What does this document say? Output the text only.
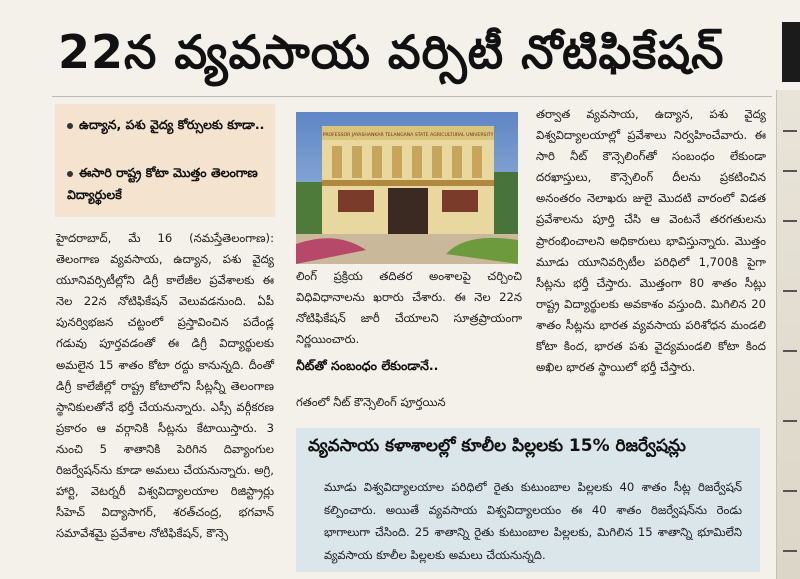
22న వ్యవసాయ వర్సిటీ నోటిఫికేషన్
ఉద్యాన, పశు వైద్య కోర్సులకు కూడా..
ఈసారి రాష్ట్ర కోటా మొత్తం తెలంగాణ విద్యార్థులకే

హైదరాబాద్, మే 16 (నమస్తేతెలంగాణ): తెలంగాణ వ్యవసాయ, ఉద్యాన, పశు వైద్య యూనివర్సిటీల్లోని డిగ్రీ కాలేజీల ప్రవేశాలకు ఈ నెల 22న నోటిఫికేషన్ వెలువడనుంది. ఏపీ పునర్విభజన చట్టంలో ప్రస్తావించిన పదేండ్ల గడువు పూర్తవడంతో ఈ డిగ్రీ విద్యార్థులకు అమలైన 15 శాతం కోటా రద్దు కానున్నది. దీంతో డిగ్రీ కాలేజీల్లో రాష్ట్ర కోటాలోని సీట్లన్నీ తెలంగాణ స్థానికులతోనే భర్తీ చేయనున్నారు. ఎస్సీ వర్గీకరణ ప్రకారం ఆ వర్గానికి సీట్లను కేటాయిస్తారు. 3 నుంచి 5 శాతానికి పెరిగిన దివ్యాంగుల రిజర్వేషన్‌ను కూడా అమలు చేయనున్నారు. అగ్రి, హార్టి, వెటర్నరీ విశ్వవిద్యాలయాల రిజిస్ట్రార్లు సీహెచ్ విద్యాసాగర్, శరత్‌చంద్ర, భగవాన్ సమావేశమై ప్రవేశాల నోటిఫికేషన్, కౌన్సె

PROFESSOR JAYASHANKAR TELANGANA STATE AGRICULTURAL UNIVERSITY

లింగ్ ప్రక్రియ తదితర అంశాలపై చర్చించి విధివిధానాలను ఖరారు చేశారు. ఈ నెల 22న నోటిఫికేషన్ జారీ చేయాలని సూత్రప్రాయంగా నిర్ణయించారు.

నీట్‌తో సంబంధం లేకుండానే..

గతంలో నీట్ కౌన్సెలింగ్ పూర్తయిన

తర్వాత వ్యవసాయ, ఉద్యాన, పశు వైద్య విశ్వవిద్యాలయాల్లో ప్రవేశాలు నిర్వహించేవారు. ఈ సారి నీట్ కౌన్సెలింగ్‌తో సంబంధం లేకుండా దరఖాస్తులు, కౌన్సెలింగ్ దీలను ప్రకటించిన అనంతరం నెలాఖరు జులై మొదటి వారంలో విడత ప్రవేశాలను పూర్తి చేసి ఆ వెంటనే తరగతులను ప్రారంభించాలని అధికారులు భావిస్తున్నారు. మొత్తం మూడు యూనివర్సిటీల పరిధిలో 1,700కి పైగా సీట్లను భర్తీ చేస్తారు. మొత్తంగా 80 శాతం సీట్లు రాష్ట్ర విద్యార్థులకు అవకాశం వస్తుంది. మిగిలిన 20 శాతం సీట్లను భారత వ్యవసాయ పరిశోధన మండలి కోటా కింద, భారత పశు వైద్యమండలి కోటా కింద అఖిల భారత స్థాయిలో భర్తీ చేస్తారు.

వ్యవసాయ కళాశాలల్లో కూలీల పిల్లలకు 15% రిజర్వేషన్లు
మూడు విశ్వవిద్యాలయాల పరిధిలో రైతు కుటుంబాల పిల్లలకు 40 శాతం సీట్ల రిజర్వేషన్ కల్పించారు. అయితే వ్యవసాయ విశ్వవిద్యాలయం ఈ 40 శాతం రిజర్వేషన్‌ను రెండు భాగాలుగా చేసింది. 25 శాతాన్ని రైతు కుటుంబాల పిల్లలకు, మిగిలిన 15 శాతాన్ని భూమిలేని వ్యవసాయ కూలీల పిల్లలకు అమలు చేయనున్నది.
